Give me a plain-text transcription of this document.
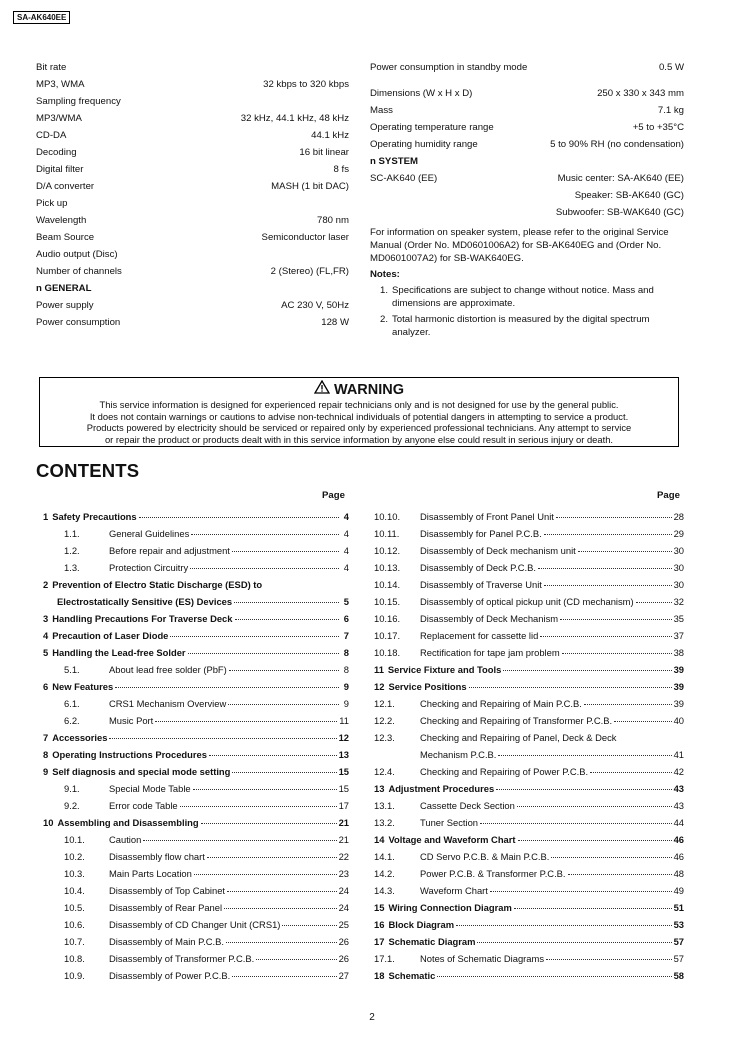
SA-AK640EE
Bit rate
MP3, WMA	32 kbps to 320 kbps
Sampling frequency
MP3/WMA	32 kHz, 44.1 kHz, 48 kHz
CD-DA	44.1 kHz
Decoding	16 bit linear
Digital filter	8 fs
D/A converter	MASH (1 bit DAC)
Pick up
Wavelength	780 nm
Beam Source	Semiconductor laser
Audio output (Disc)
Number of channels	2 (Stereo) (FL,FR)
n GENERAL
Power supply	AC 230 V, 50Hz
Power consumption	128 W
Power consumption in standby mode	0.5 W
Dimensions (W x H x D)	250 x 330 x 343 mm
Mass	7.1 kg
Operating temperature range	+5 to +35°C
Operating humidity range	5 to 90% RH (no condensation)
n SYSTEM
SC-AK640 (EE)	Music center: SA-AK640 (EE)
Speaker: SB-AK640 (GC)
Subwoofer: SB-WAK640 (GC)
For information on speaker system, please refer to the original Service Manual (Order No. MD0601006A2) for SB-AK640EG and (Order No. MD0601007A2) for SB-WAK640EG.
Notes:
1. Specifications are subject to change without notice. Mass and dimensions are approximate.
2. Total harmonic distortion is measured by the digital spectrum analyzer.
WARNING
This service information is designed for experienced repair technicians only and is not designed for use by the general public.
It does not contain warnings or cautions to advise non-technical individuals of potential dangers in attempting to service a product.
Products powered by electricity should be serviced or repaired only by experienced professional technicians. Any attempt to service
or repair the product or products dealt with in this service information by anyone else could result in serious injury or death.
CONTENTS
Page	Page
1 Safety Precautions	4
1.1.	General Guidelines	4
1.2.	Before repair and adjustment	4
1.3.	Protection Circuitry	4
2 Prevention of Electro Static Discharge (ESD) to
Electrostatically Sensitive (ES) Devices	5
3 Handling Precautions For Traverse Deck	6
4 Precaution of Laser Diode	7
5 Handling the Lead-free Solder	8
5.1.	About lead free solder (PbF)	8
6 New Features	9
6.1.	CRS1 Mechanism Overview	9
6.2.	Music Port	11
7 Accessories	12
8 Operating Instructions Procedures	13
9 Self diagnosis and special mode setting	15
9.1.	Special Mode Table	15
9.2.	Error code Table	17
10 Assembling and Disassembling	21
10.1.	Caution	21
10.2.	Disassembly flow chart	22
10.3.	Main Parts Location	23
10.4.	Disassembly of Top Cabinet	24
10.5.	Disassembly of Rear Panel	24
10.6.	Disassembly of CD Changer Unit (CRS1)	25
10.7.	Disassembly of Main P.C.B.	26
10.8.	Disassembly of Transformer P.C.B.	26
10.9.	Disassembly of Power P.C.B.	27
10.10.	Disassembly of Front Panel Unit	28
10.11.	Disassembly for Panel P.C.B.	29
10.12.	Disassembly of Deck mechanism unit	30
10.13.	Disassembly of Deck P.C.B.	30
10.14.	Disassembly of Traverse Unit	30
10.15.	Disassembly of optical pickup unit (CD mechanism)	32
10.16.	Disassembly of Deck Mechanism	35
10.17.	Replacement for cassette lid	37
10.18.	Rectification for tape jam problem	38
11 Service Fixture and Tools	39
12 Service Positions	39
12.1.	Checking and Repairing of Main P.C.B.	39
12.2.	Checking and Repairing of Transformer P.C.B.	40
12.3.	Checking and Repairing of Panel, Deck & Deck
Mechanism P.C.B.	41
12.4.	Checking and Repairing of Power P.C.B.	42
13 Adjustment Procedures	43
13.1.	Cassette Deck Section	43
13.2.	Tuner Section	44
14 Voltage and Waveform Chart	46
14.1.	CD Servo P.C.B. & Main P.C.B.	46
14.2.	Power P.C.B. & Transformer P.C.B.	48
14.3.	Waveform Chart	49
15 Wiring Connection Diagram	51
16 Block Diagram	53
17 Schematic Diagram	57
17.1.	Notes of Schematic Diagrams	57
18 Schematic	58
2
